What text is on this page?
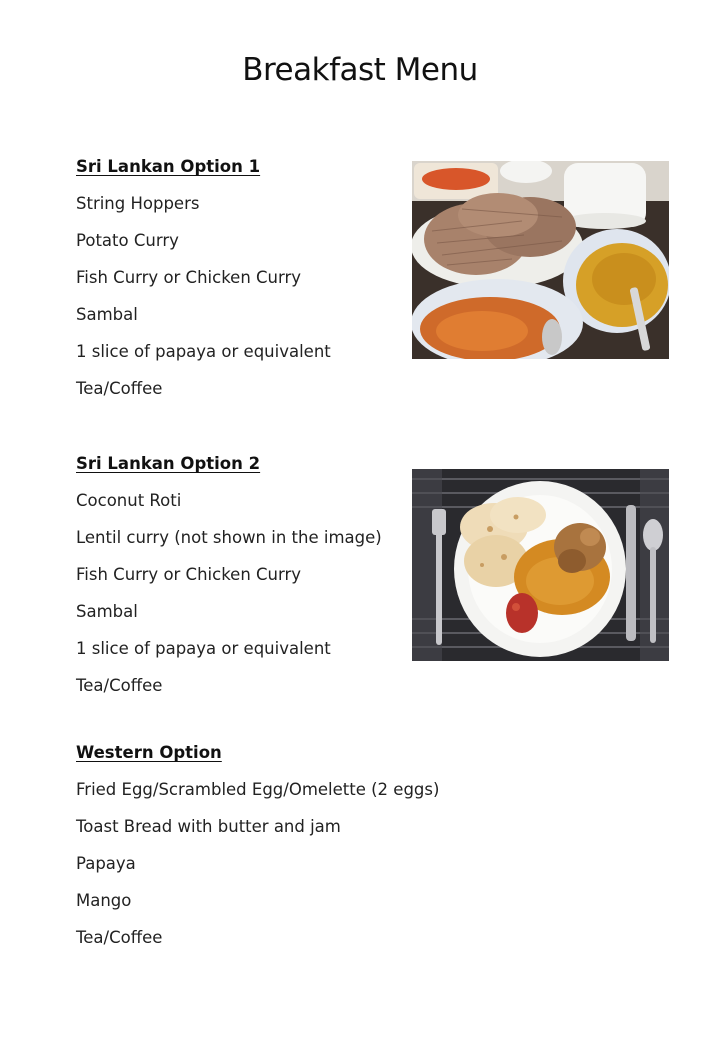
Breakfast Menu
Sri Lankan Option 1
String Hoppers
Potato Curry
Fish Curry or Chicken Curry
Sambal
1 slice of papaya or equivalent
Tea/Coffee
Sri Lankan Option 2
Coconut Roti
Lentil curry (not shown in the image)
Fish Curry or Chicken Curry
Sambal
1 slice of papaya or equivalent
Tea/Coffee
Western Option
Fried Egg/Scrambled Egg/Omelette (2 eggs)
Toast Bread with butter and jam
Papaya
Mango
Tea/Coffee
